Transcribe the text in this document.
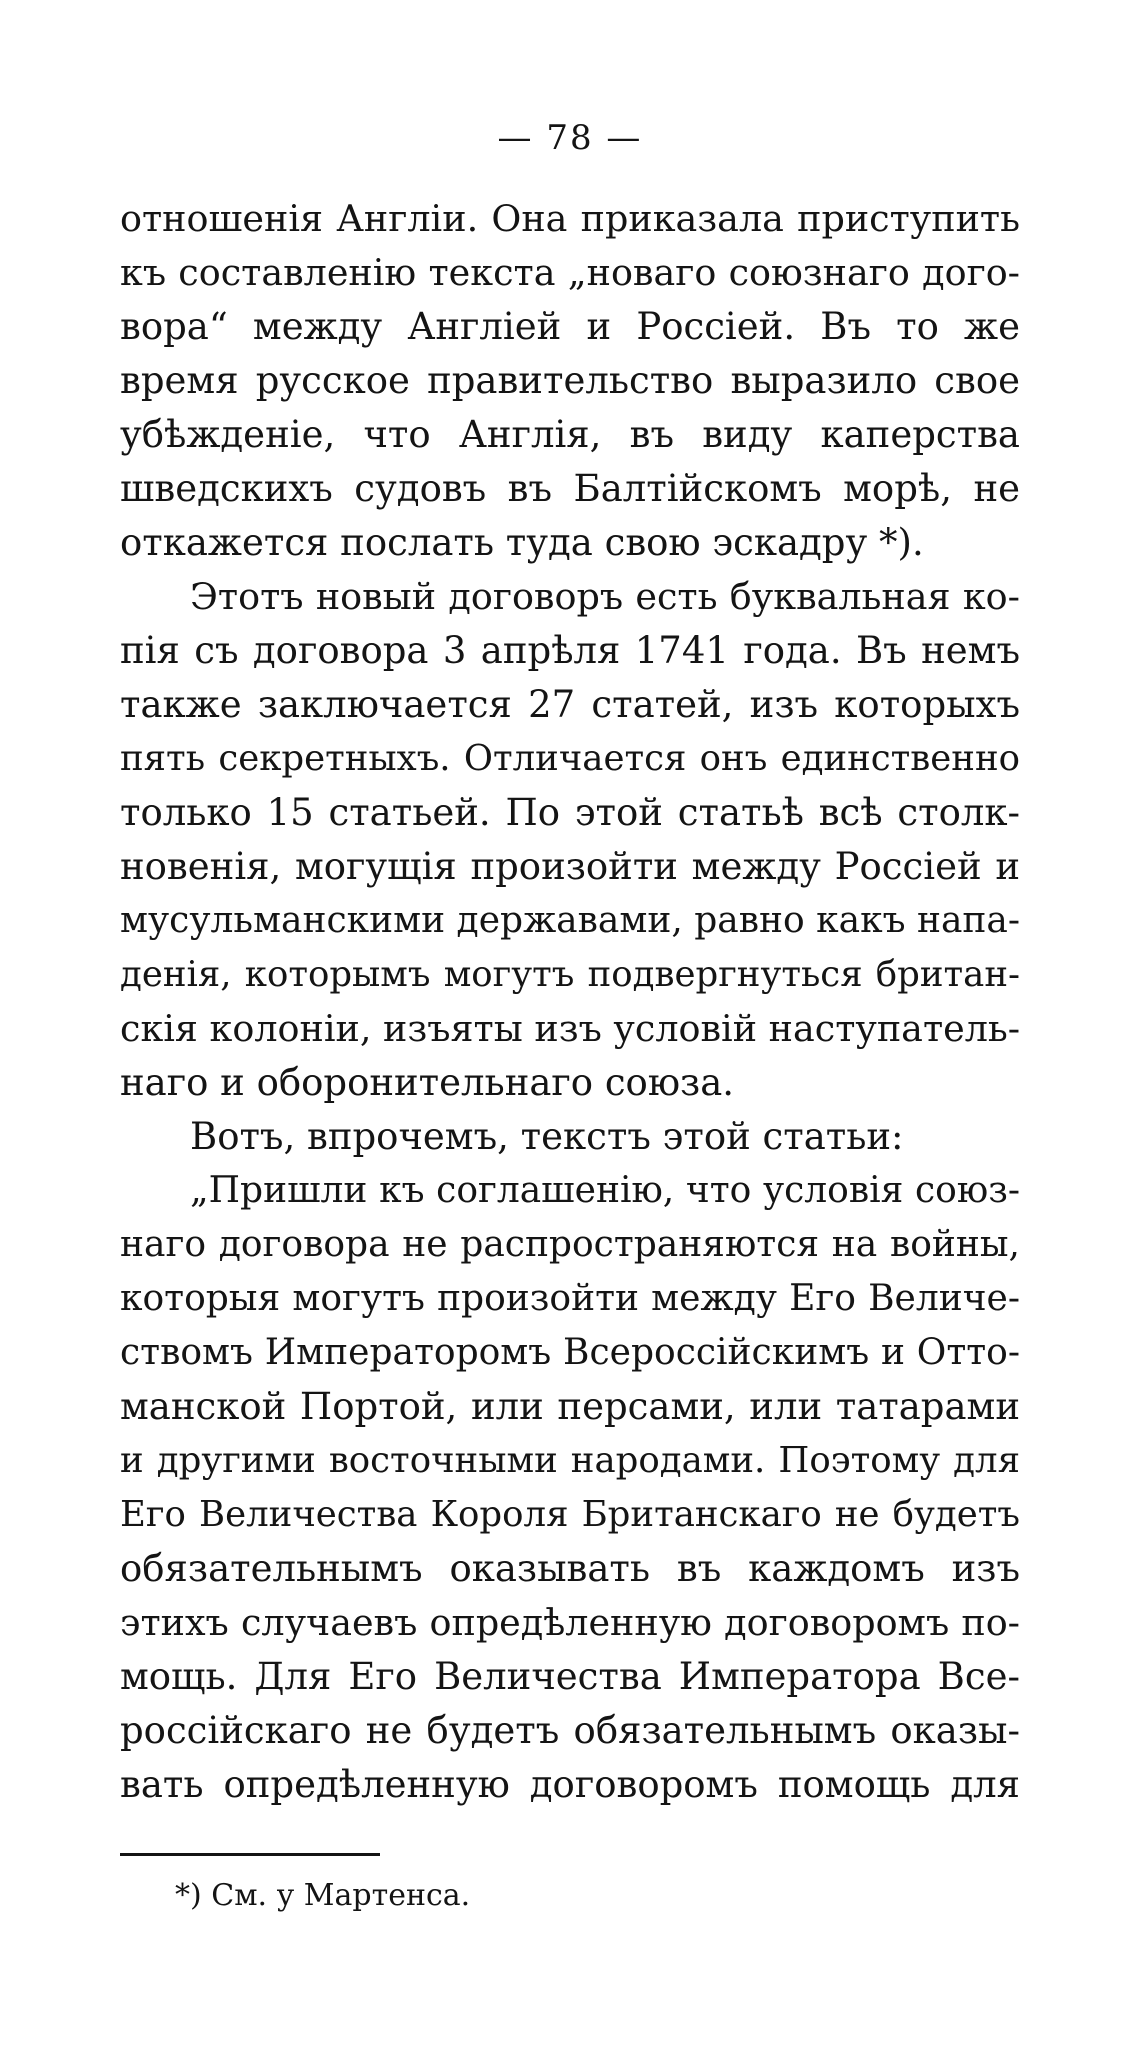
— 78 —
отношенія Англіи. Она приказала приступить
къ составленію текста „новаго союзнаго дого-
вора“ между Англіей и Россіей. Въ то же
время русское правительство выразило свое
убѣжденіе, что Англія, въ виду каперства
шведскихъ судовъ въ Балтійскомъ морѣ, не
откажется послать туда свою эскадру *).
Этотъ новый договоръ есть буквальная ко-
пія съ договора 3 апрѣля 1741 года. Въ немъ
также заключается 27 статей, изъ которыхъ
пять секретныхъ. Отличается онъ единственно
только 15 статьей. По этой статьѣ всѣ столк-
новенія, могущія произойти между Россіей и
мусульманскими державами, равно какъ напа-
денія, которымъ могутъ подвергнуться британ-
скія колоніи, изъяты изъ условій наступатель-
наго и оборонительнаго союза.
Вотъ, впрочемъ, текстъ этой статьи:
„Пришли къ соглашенію, что условія союз-
наго договора не распространяются на войны,
которыя могутъ произойти между Его Величе-
ствомъ Императоромъ Всероссійскимъ и Отто-
манской Портой, или персами, или татарами
и другими восточными народами. Поэтому для
Его Величества Короля Британскаго не будетъ
обязательнымъ оказывать въ каждомъ изъ
этихъ случаевъ опредѣленную договоромъ по-
мощь. Для Его Величества Императора Все-
россійскаго не будетъ обязательнымъ оказы-
вать опредѣленную договоромъ помощь для
*) См. у Мартенса.
